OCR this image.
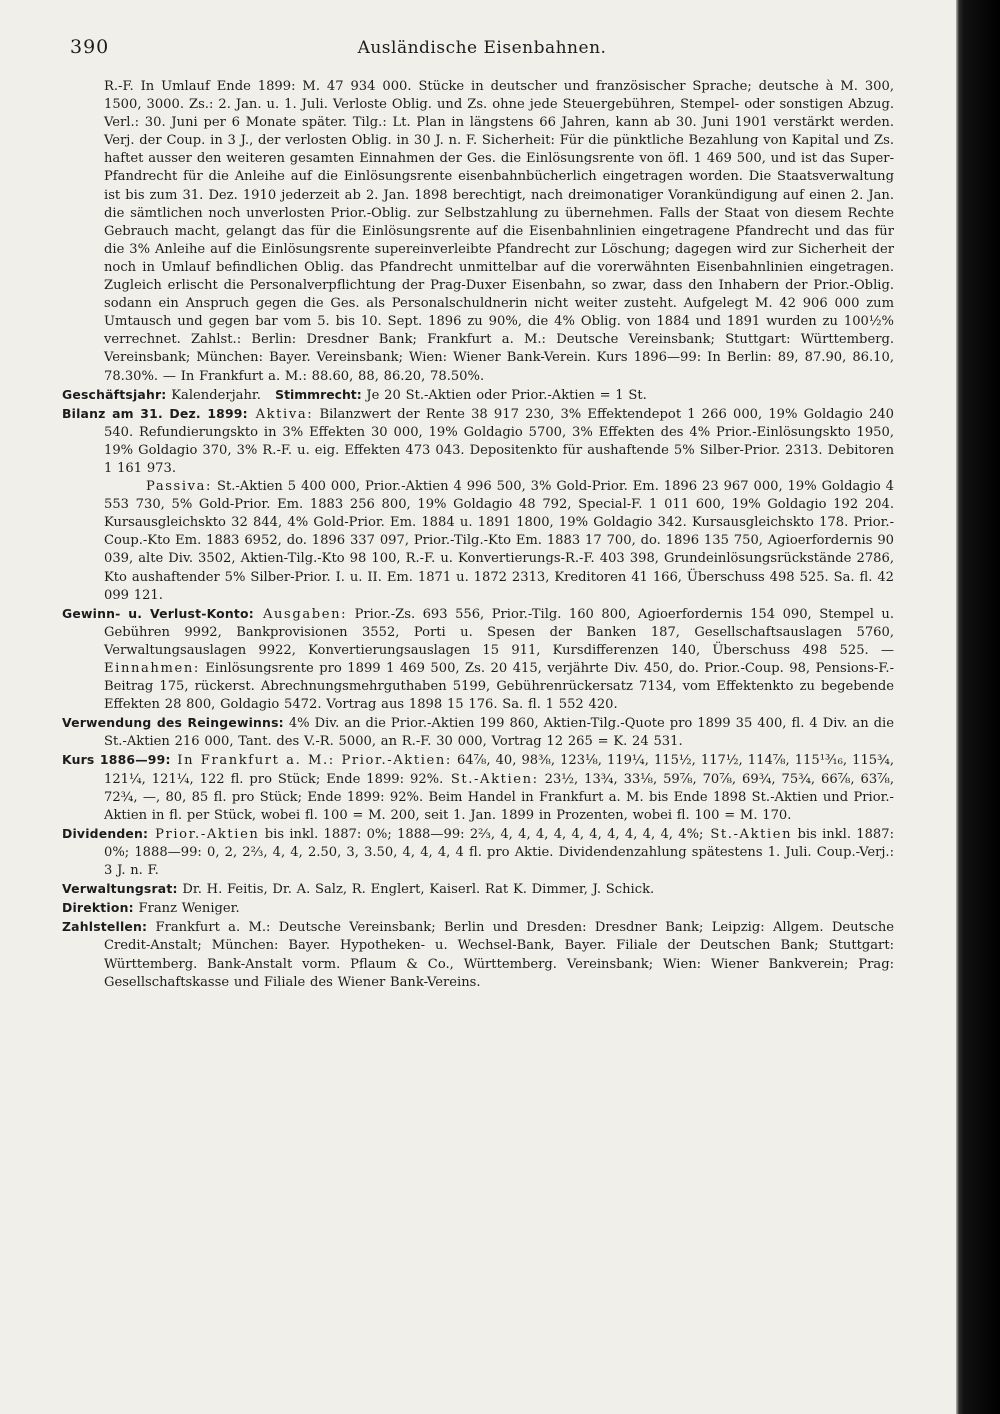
390	Ausländische Eisenbahnen.

R.-F. In Umlauf Ende 1899: M. 47 934 000. Stücke in deutscher und französischer Sprache; deutsche à M. 300, 1500, 3000. Zs.: 2. Jan. u. 1. Juli. Verloste Oblig. und Zs. ohne jede Steuergebühren, Stempel- oder sonstigen Abzug. Verl.: 30. Juni per 6 Monate später. Tilg.: Lt. Plan in längstens 66 Jahren, kann ab 30. Juni 1901 verstärkt werden. Verj. der Coup. in 3 J., der verlosten Oblig. in 30 J. n. F. Sicherheit: Für die pünktliche Bezahlung von Kapital und Zs. haftet ausser den weiteren gesamten Einnahmen der Ges. die Einlösungsrente von öfl. 1 469 500, und ist das Super-Pfandrecht für die Anleihe auf die Einlösungsrente eisenbahnbücherlich eingetragen worden. Die Staatsverwaltung ist bis zum 31. Dez. 1910 jederzeit ab 2. Jan. 1898 berechtigt, nach dreimonatiger Vorankündigung auf einen 2. Jan. die sämtlichen noch unverlosten Prior.-Oblig. zur Selbstzahlung zu übernehmen. Falls der Staat von diesem Rechte Gebrauch macht, gelangt das für die Einlösungsrente auf die Eisenbahnlinien eingetragene Pfandrecht und das für die 3% Anleihe auf die Einlösungsrente supereinverleibte Pfandrecht zur Löschung; dagegen wird zur Sicherheit der noch in Umlauf befindlichen Oblig. das Pfandrecht unmittelbar auf die vorerwähnten Eisenbahnlinien eingetragen. Zugleich erlischt die Personalverpflichtung der Prag-Duxer Eisenbahn, so zwar, dass den Inhabern der Prior.-Oblig. sodann ein Anspruch gegen die Ges. als Personalschuldnerin nicht weiter zusteht. Aufgelegt M. 42 906 000 zum Umtausch und gegen bar vom 5. bis 10. Sept. 1896 zu 90%, die 4% Oblig. von 1884 und 1891 wurden zu 100½% verrechnet. Zahlst.: Berlin: Dresdner Bank; Frankfurt a. M.: Deutsche Vereinsbank; Stuttgart: Württemberg. Vereinsbank; München: Bayer. Vereinsbank; Wien: Wiener Bank-Verein. Kurs 1896—99: In Berlin: 89, 87.90, 86.10, 78.30%. — In Frankfurt a. M.: 88.60, 88, 86.20, 78.50%.

Geschäftsjahr: Kalenderjahr. Stimmrecht: Je 20 St.-Aktien oder Prior.-Aktien = 1 St.

Bilanz am 31. Dez. 1899: Aktiva: Bilanzwert der Rente 38 917 230, 3% Effektendepot 1 266 000, 19% Goldagio 240 540. Refundierungskto in 3% Effekten 30 000, 19% Goldagio 5700, 3% Effekten des 4% Prior.-Einlösungskto 1950, 19% Goldagio 370, 3% R.-F. u. eig. Effekten 473 043. Depositenkto für aushaftende 5% Silber-Prior. 2313. Debitoren 1 161 973.

Passiva: St.-Aktien 5 400 000, Prior.-Aktien 4 996 500, 3% Gold-Prior. Em. 1896 23 967 000, 19% Goldagio 4 553 730, 5% Gold-Prior. Em. 1883 256 800, 19% Goldagio 48 792, Special-F. 1 011 600, 19% Goldagio 192 204. Kursausgleichskto 32 844, 4% Gold-Prior. Em. 1884 u. 1891 1800, 19% Goldagio 342. Kursausgleichskto 178. Prior.-Coup.-Kto Em. 1883 6952, do. 1896 337 097, Prior.-Tilg.-Kto Em. 1883 17 700, do. 1896 135 750, Agioerfordernis 90 039, alte Div. 3502, Aktien-Tilg.-Kto 98 100, R.-F. u. Konvertierungs-R.-F. 403 398, Grundeinlösungsrückstände 2786, Kto aushaftender 5% Silber-Prior. I. u. II. Em. 1871 u. 1872 2313, Kreditoren 41 166, Überschuss 498 525. Sa. fl. 42 099 121.

Gewinn- u. Verlust-Konto: Ausgaben: Prior.-Zs. 693 556, Prior.-Tilg. 160 800, Agioerfordernis 154 090, Stempel u. Gebühren 9992, Bankprovisionen 3552, Porti u. Spesen der Banken 187, Gesellschaftsauslagen 5760, Verwaltungsauslagen 9922, Konvertierungsauslagen 15 911, Kursdifferenzen 140, Überschuss 498 525. — Einnahmen: Einlösungsrente pro 1899 1 469 500, Zs. 20 415, verjährte Div. 450, do. Prior.-Coup. 98, Pensions-F.-Beitrag 175, rückerst. Abrechnungsmehrguthaben 5199, Gebührenrückersatz 7134, vom Effektenkto zu begebende Effekten 28 800, Goldagio 5472. Vortrag aus 1898 15 176. Sa. fl. 1 552 420.

Verwendung des Reingewinns: 4% Div. an die Prior.-Aktien 199 860, Aktien-Tilg.-Quote pro 1899 35 400, fl. 4 Div. an die St.-Aktien 216 000, Tant. des V.-R. 5000, an R.-F. 30 000, Vortrag 12 265 = K. 24 531.

Kurs 1886—99: In Frankfurt a. M.: Prior.-Aktien: 64⅞, 40, 98⅜, 123⅛, 119¼, 115½, 117½, 114⅞, 115¹³⁄₁₆, 115¾, 121¼, 121¼, 122 fl. pro Stück; Ende 1899: 92%. St.-Aktien: 23½, 13¾, 33⅛, 59⅞, 70⅞, 69¾, 75¾, 66⅞, 63⅞, 72¾, —, 80, 85 fl. pro Stück; Ende 1899: 92%. Beim Handel in Frankfurt a. M. bis Ende 1898 St.-Aktien und Prior.-Aktien in fl. per Stück, wobei fl. 100 = M. 200, seit 1. Jan. 1899 in Prozenten, wobei fl. 100 = M. 170.

Dividenden: Prior.-Aktien bis inkl. 1887: 0%; 1888—99: 2⅔, 4, 4, 4, 4, 4, 4, 4, 4, 4, 4, 4%; St.-Aktien bis inkl. 1887: 0%; 1888—99: 0, 2, 2⅔, 4, 4, 2.50, 3, 3.50, 4, 4, 4, 4 fl. pro Aktie. Dividendenzahlung spätestens 1. Juli. Coup.-Verj.: 3 J. n. F.

Verwaltungsrat: Dr. H. Feitis, Dr. A. Salz, R. Englert, Kaiserl. Rat K. Dimmer, J. Schick.

Direktion: Franz Weniger.

Zahlstellen: Frankfurt a. M.: Deutsche Vereinsbank; Berlin und Dresden: Dresdner Bank; Leipzig: Allgem. Deutsche Credit-Anstalt; München: Bayer. Hypotheken- u. Wechsel-Bank, Bayer. Filiale der Deutschen Bank; Stuttgart: Württemberg. Bank-Anstalt vorm. Pflaum & Co., Württemberg. Vereinsbank; Wien: Wiener Bankverein; Prag: Gesellschaftskasse und Filiale des Wiener Bank-Vereins.
